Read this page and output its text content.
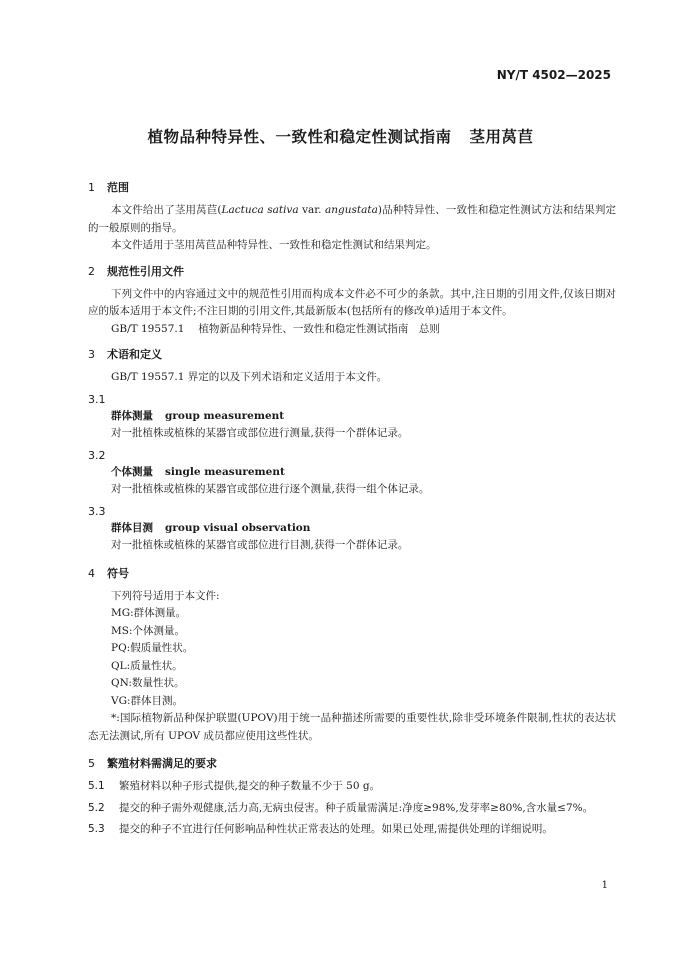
NY/T 4502—2025
植物品种特异性、一致性和稳定性测试指南 茎用莴苣
1 范围
本文件给出了茎用莴苣(Lactuca sativa var. angustata)品种特异性、一致性和稳定性测试方法和结果判定的一般原则的指导。
本文件适用于茎用莴苣品种特异性、一致性和稳定性测试和结果判定。
2 规范性引用文件
下列文件中的内容通过文中的规范性引用而构成本文件必不可少的条款。其中,注日期的引用文件,仅该日期对应的版本适用于本文件;不注日期的引用文件,其最新版本(包括所有的修改单)适用于本文件。
GB/T 19557.1 植物新品种特异性、一致性和稳定性测试指南　总则
3 术语和定义
GB/T 19557.1 界定的以及下列术语和定义适用于本文件。
3.1
群体测量 group measurement
对一批植株或植株的某器官或部位进行测量,获得一个群体记录。
3.2
个体测量 single measurement
对一批植株或植株的某器官或部位进行逐个测量,获得一组个体记录。
3.3
群体目测 group visual observation
对一批植株或植株的某器官或部位进行目测,获得一个群体记录。
4 符号
下列符号适用于本文件:
MG:群体测量。
MS:个体测量。
PQ:假质量性状。
QL:质量性状。
QN:数量性状。
VG:群体目测。
*:国际植物新品种保护联盟(UPOV)用于统一品种描述所需要的重要性状,除非受环境条件限制,性状的表达状态无法测试,所有 UPOV 成员都应使用这些性状。
5 繁殖材料需满足的要求
5.1 繁殖材料以种子形式提供,提交的种子数量不少于 50 g。
5.2 提交的种子需外观健康,活力高,无病虫侵害。种子质量需满足:净度≥98%,发芽率≥80%,含水量≤7%。
5.3 提交的种子不宜进行任何影响品种性状正常表达的处理。如果已处理,需提供处理的详细说明。
1
